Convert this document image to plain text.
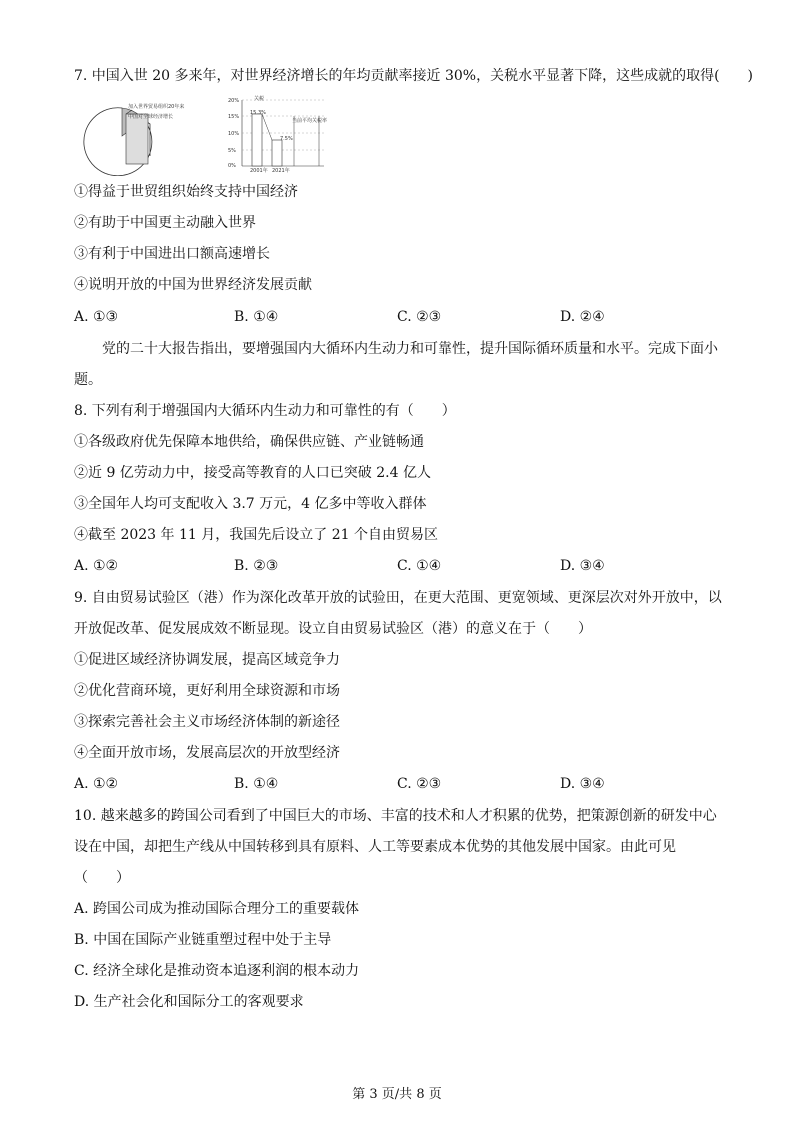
7. 中国入世 20 多来年，对世界经济增长的年均贡献率接近 30%，关税水平显著下降，这些成就的取得(　　)
加入世界贸易组织20年来
中国对全球经济增长
20%
15%
10%
5%
0%
关税
15.3%
7.5%
当前平均关税率
2001年 2021年
①得益于世贸组织始终支持中国经济
②有助于中国更主动融入世界
③有利于中国进出口额高速增长
④说明开放的中国为世界经济发展贡献
A. ①③	B. ①④	C. ②③	D. ②④
党的二十大报告指出，要增强国内大循环内生动力和可靠性，提升国际循环质量和水平。完成下面小
题。
8. 下列有利于增强国内大循环内生动力和可靠性的有（　　）
①各级政府优先保障本地供给，确保供应链、产业链畅通
②近 9 亿劳动力中，接受高等教育的人口已突破 2.4 亿人
③全国年人均可支配收入 3.7 万元，4 亿多中等收入群体
④截至 2023 年 11 月，我国先后设立了 21 个自由贸易区
A. ①②	B. ②③	C. ①④	D. ③④
9. 自由贸易试验区（港）作为深化改革开放的试验田，在更大范围、更宽领域、更深层次对外开放中，以
开放促改革、促发展成效不断显现。设立自由贸易试验区（港）的意义在于（　　）
①促进区域经济协调发展，提高区域竞争力
②优化营商环境，更好利用全球资源和市场
③探索完善社会主义市场经济体制的新途径
④全面开放市场，发展高层次的开放型经济
A. ①②	B. ①④	C. ②③	D. ③④
10. 越来越多的跨国公司看到了中国巨大的市场、丰富的技术和人才积累的优势，把策源创新的研发中心
设在中国，却把生产线从中国转移到具有原料、人工等要素成本优势的其他发展中国家。由此可见
（　　）
A. 跨国公司成为推动国际合理分工的重要载体
B. 中国在国际产业链重塑过程中处于主导
C. 经济全球化是推动资本追逐利润的根本动力
D. 生产社会化和国际分工的客观要求
第 3 页/共 8 页
